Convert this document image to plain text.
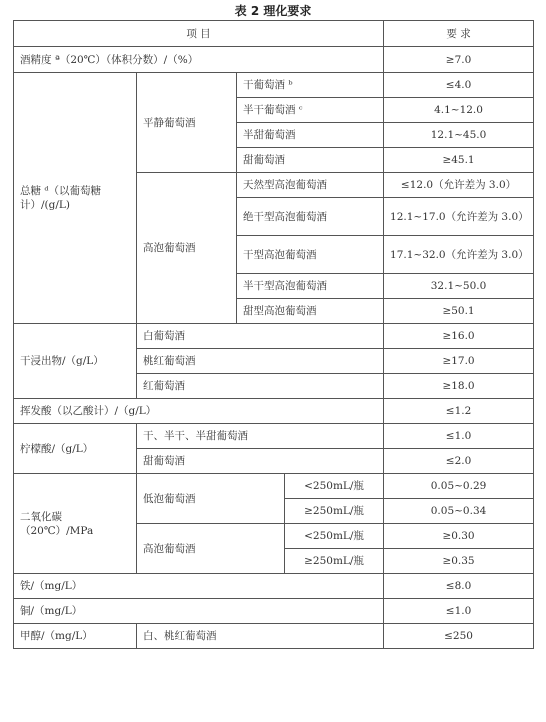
表 2 理化要求
项 目				要 求
酒精度 ª（20℃）（体积分数）/（%）				≥7.0
总糖 ᵈ（以葡萄糖计）/(g/L)	平静葡萄酒	干葡萄酒 ᵇ		≤4.0
		半干葡萄酒 ᶜ		4.1~12.0
		半甜葡萄酒		12.1~45.0
		甜葡萄酒		≥45.1
	高泡葡萄酒	天然型高泡葡萄酒		≤12.0（允许差为 3.0）
		绝干型高泡葡萄酒		12.1~17.0（允许差为 3.0）
		干型高泡葡萄酒		17.1~32.0（允许差为 3.0）
		半干型高泡葡萄酒		32.1~50.0
		甜型高泡葡萄酒		≥50.1
干浸出物/（g/L）	白葡萄酒			≥16.0
	桃红葡萄酒			≥17.0
	红葡萄酒			≥18.0
挥发酸（以乙酸计）/（g/L）				≤1.2
柠檬酸/（g/L）	干、半干、半甜葡萄酒			≤1.0
	甜葡萄酒			≤2.0
二氧化碳（20℃）/MPa	低泡葡萄酒		<250mL/瓶	0.05~0.29
			≥250mL/瓶	0.05~0.34
	高泡葡萄酒		<250mL/瓶	≥0.30
			≥250mL/瓶	≥0.35
铁/（mg/L）				≤8.0
铜/（mg/L）				≤1.0
甲醇/（mg/L）	白、桃红葡萄酒			≤250
